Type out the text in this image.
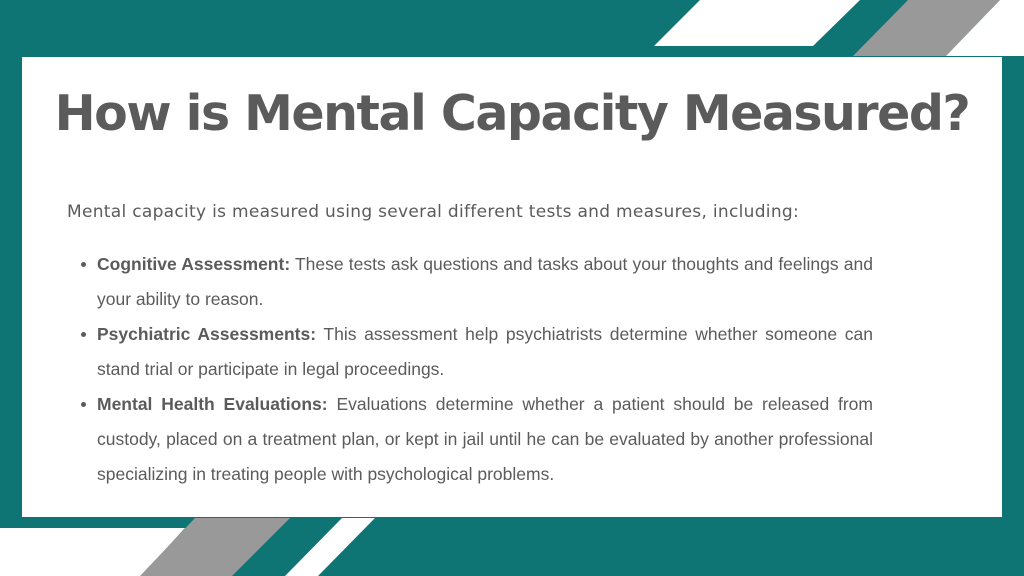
How is Mental Capacity Measured?

Mental capacity is measured using several different tests and measures, including:

Cognitive Assessment: These tests ask questions and tasks about your thoughts and feelings and your ability to reason.
Psychiatric Assessments: This assessment help psychiatrists determine whether someone can stand trial or participate in legal proceedings.
Mental Health Evaluations: Evaluations determine whether a patient should be released from custody, placed on a treatment plan, or kept in jail until he can be evaluated by another professional specializing in treating people with psychological problems.
